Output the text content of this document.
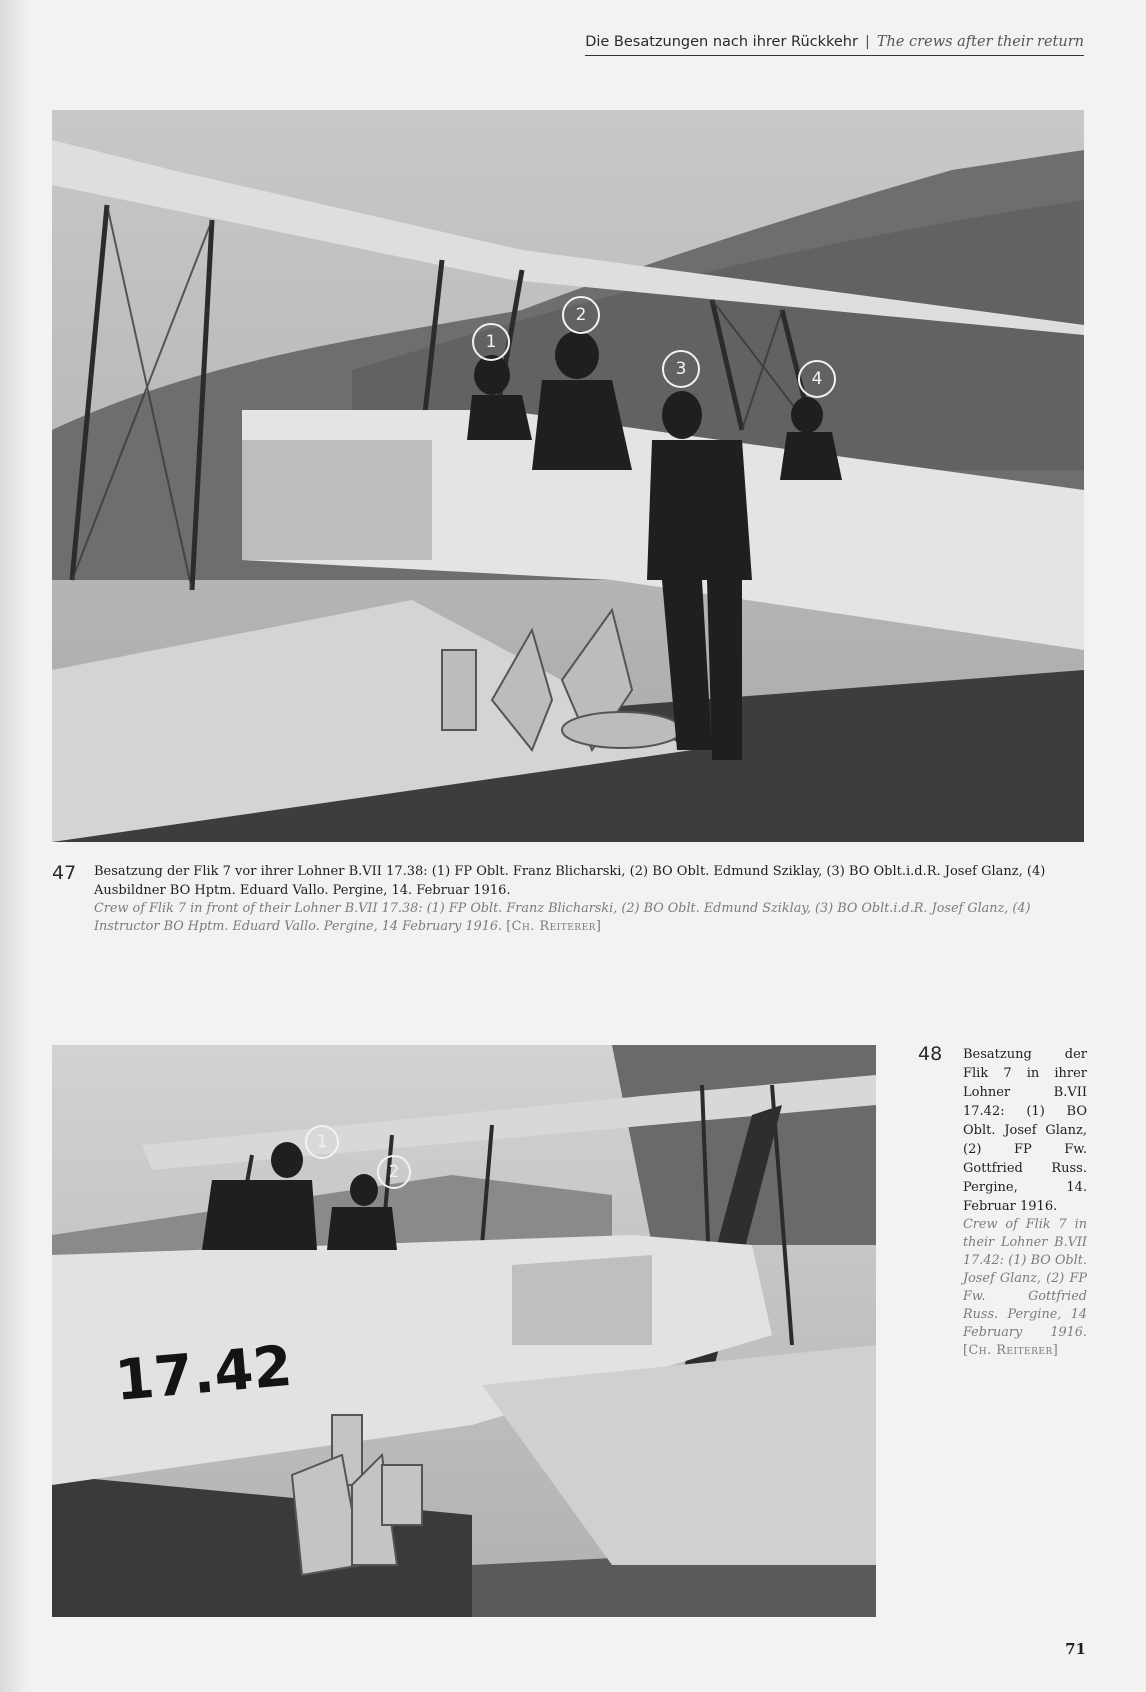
Die Besatzungen nach ihrer Rückkehr | The crews after their return
1
2
3	4
47 Besatzung der Flik 7 vor ihrer Lohner B.VII 17.38: (1) FP Oblt. Franz Blicharski, (2) BO Oblt. Edmund Sziklay, (3) BO Oblt.i.d.R. Josef Glanz, (4) Ausbildner BO Hptm. Eduard Vallo. Pergine, 14. Februar 1916.
Crew of Flik 7 in front of their Lohner B.VII 17.38: (1) FP Oblt. Franz Blicharski, (2) BO Oblt. Edmund Sziklay, (3) BO Oblt.i.d.R. Josef Glanz, (4) Instructor BO Hptm. Eduard Vallo. Pergine, 14 February 1916. [Ch. Reiterer]
17.42
1
2
48 Besatzung der Flik 7 in ihrer Lohner B.VII 17.42: (1) BO Oblt. Josef Glanz, (2) FP Fw. Gottfried Russ. Pergine, 14. Februar 1916.
Crew of Flik 7 in their Lohner B.VII 17.42: (1) BO Oblt. Josef Glanz, (2) FP Fw. Gottfried Russ. Pergine, 14 February 1916. [Ch. Reiterer]
71
